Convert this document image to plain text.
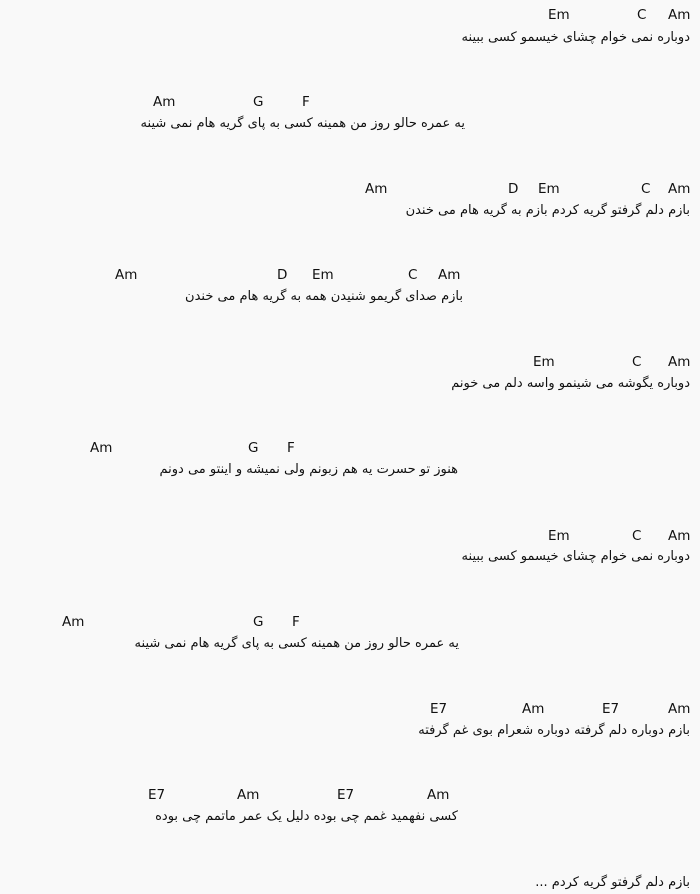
Em	C Am
دوباره نمی خوام چشای خیسمو کسی ببینه
Am	G	F
یه عمره حالو روز من همینه کسی به پای گریه هام نمی شینه
Am	D Em	C Am
بازم دلم گرفتو گریه کردم بازم به گریه هام می خندن
Am	D Em	C Am
بازم صدای گریمو شنیدن همه به گریه هام می خندن
Em	C Am
دوباره یگوشه می شینمو واسه دلم می خونم
Am	G F
هنوز تو حسرت یه هم زبونم ولی نمیشه و اینتو می دونم
Em	C Am
دوباره نمی خوام چشای خیسمو کسی ببینه
Am	G F
یه عمره حالو روز من همینه کسی به پای گریه هام نمی شینه
E7	Am	E7	Am
بازم دوباره دلم گرفته دوباره شعرام بوی غم گرفته
E7	Am	E7	Am
کسی نفهمید غمم چی بوده دلیل یک عمر ماتمم چی بوده
بازم دلم گرفتو گریه کردم ...
